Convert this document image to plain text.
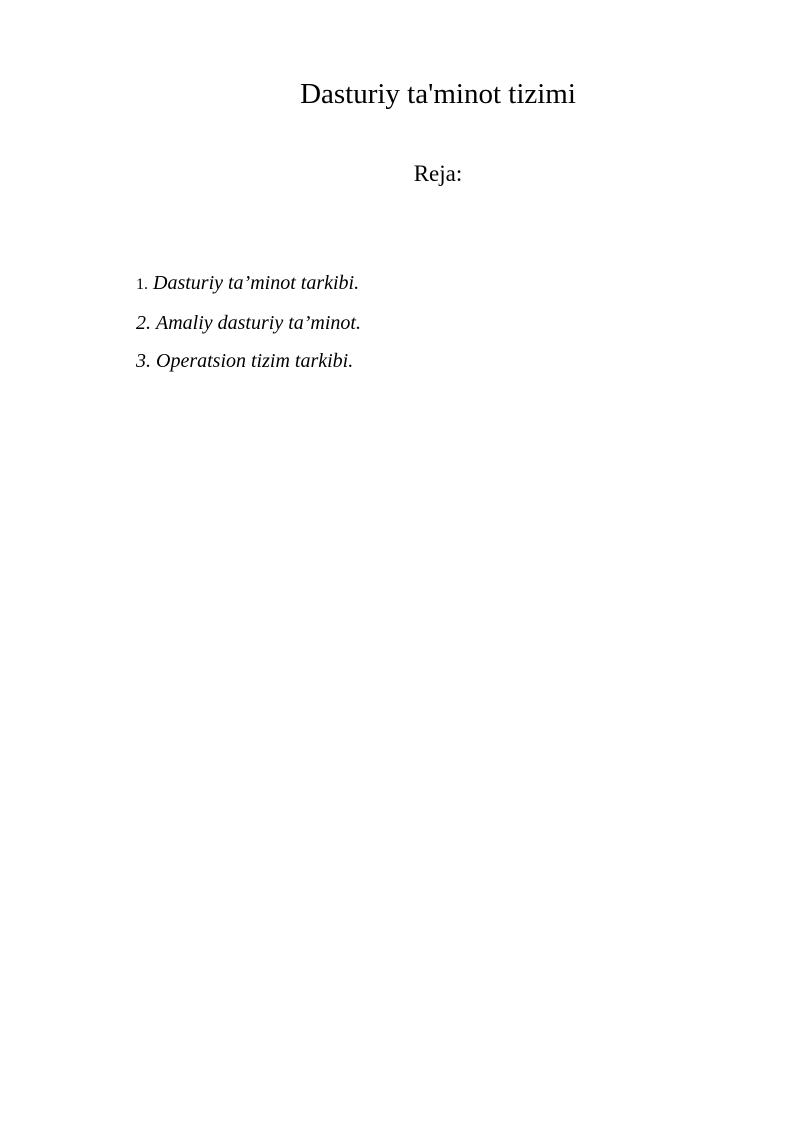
Dasturiy ta'minot tizimi
Reja:
1. Dasturiy ta’minot tarkibi.
2. Amaliy dasturiy ta’minot.
3. Operatsion tizim tarkibi.
